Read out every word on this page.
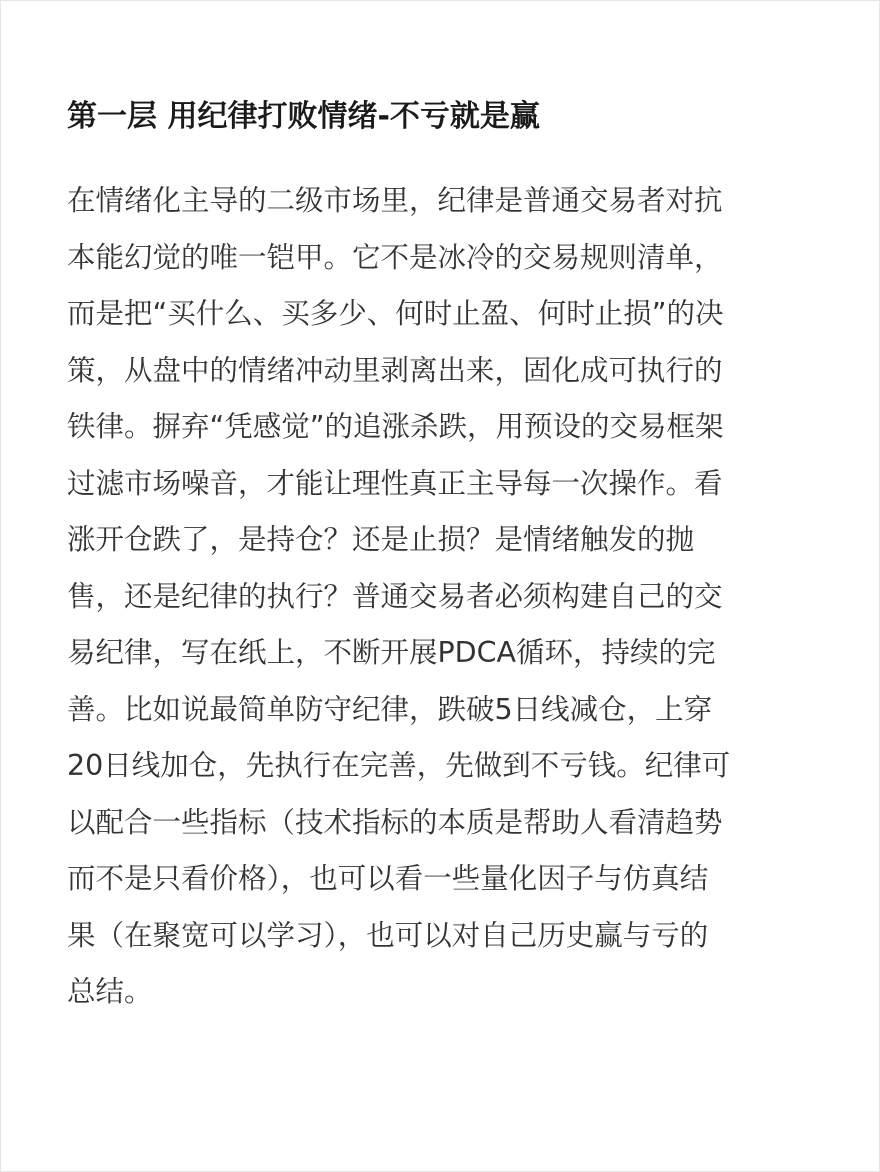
第一层 用纪律打败情绪-不亏就是赢
在情绪化主导的二级市场里，纪律是普通交易者对抗
本能幻觉的唯一铠甲。它不是冰冷的交易规则清单，
而是把“买什么、买多少、何时止盈、何时止损”的决
策，从盘中的情绪冲动里剥离出来，固化成可执行的
铁律。摒弃“凭感觉”的追涨杀跌，用预设的交易框架
过滤市场噪音，才能让理性真正主导每一次操作。看
涨开仓跌了，是持仓？还是止损？是情绪触发的抛
售，还是纪律的执行？普通交易者必须构建自己的交
易纪律，写在纸上，不断开展PDCA循环，持续的完
善。比如说最简单防守纪律，跌破5日线减仓，上穿
20日线加仓，先执行在完善，先做到不亏钱。纪律可
以配合一些指标（技术指标的本质是帮助人看清趋势
而不是只看价格），也可以看一些量化因子与仿真结
果（在聚宽可以学习），也可以对自己历史赢与亏的
总结。
